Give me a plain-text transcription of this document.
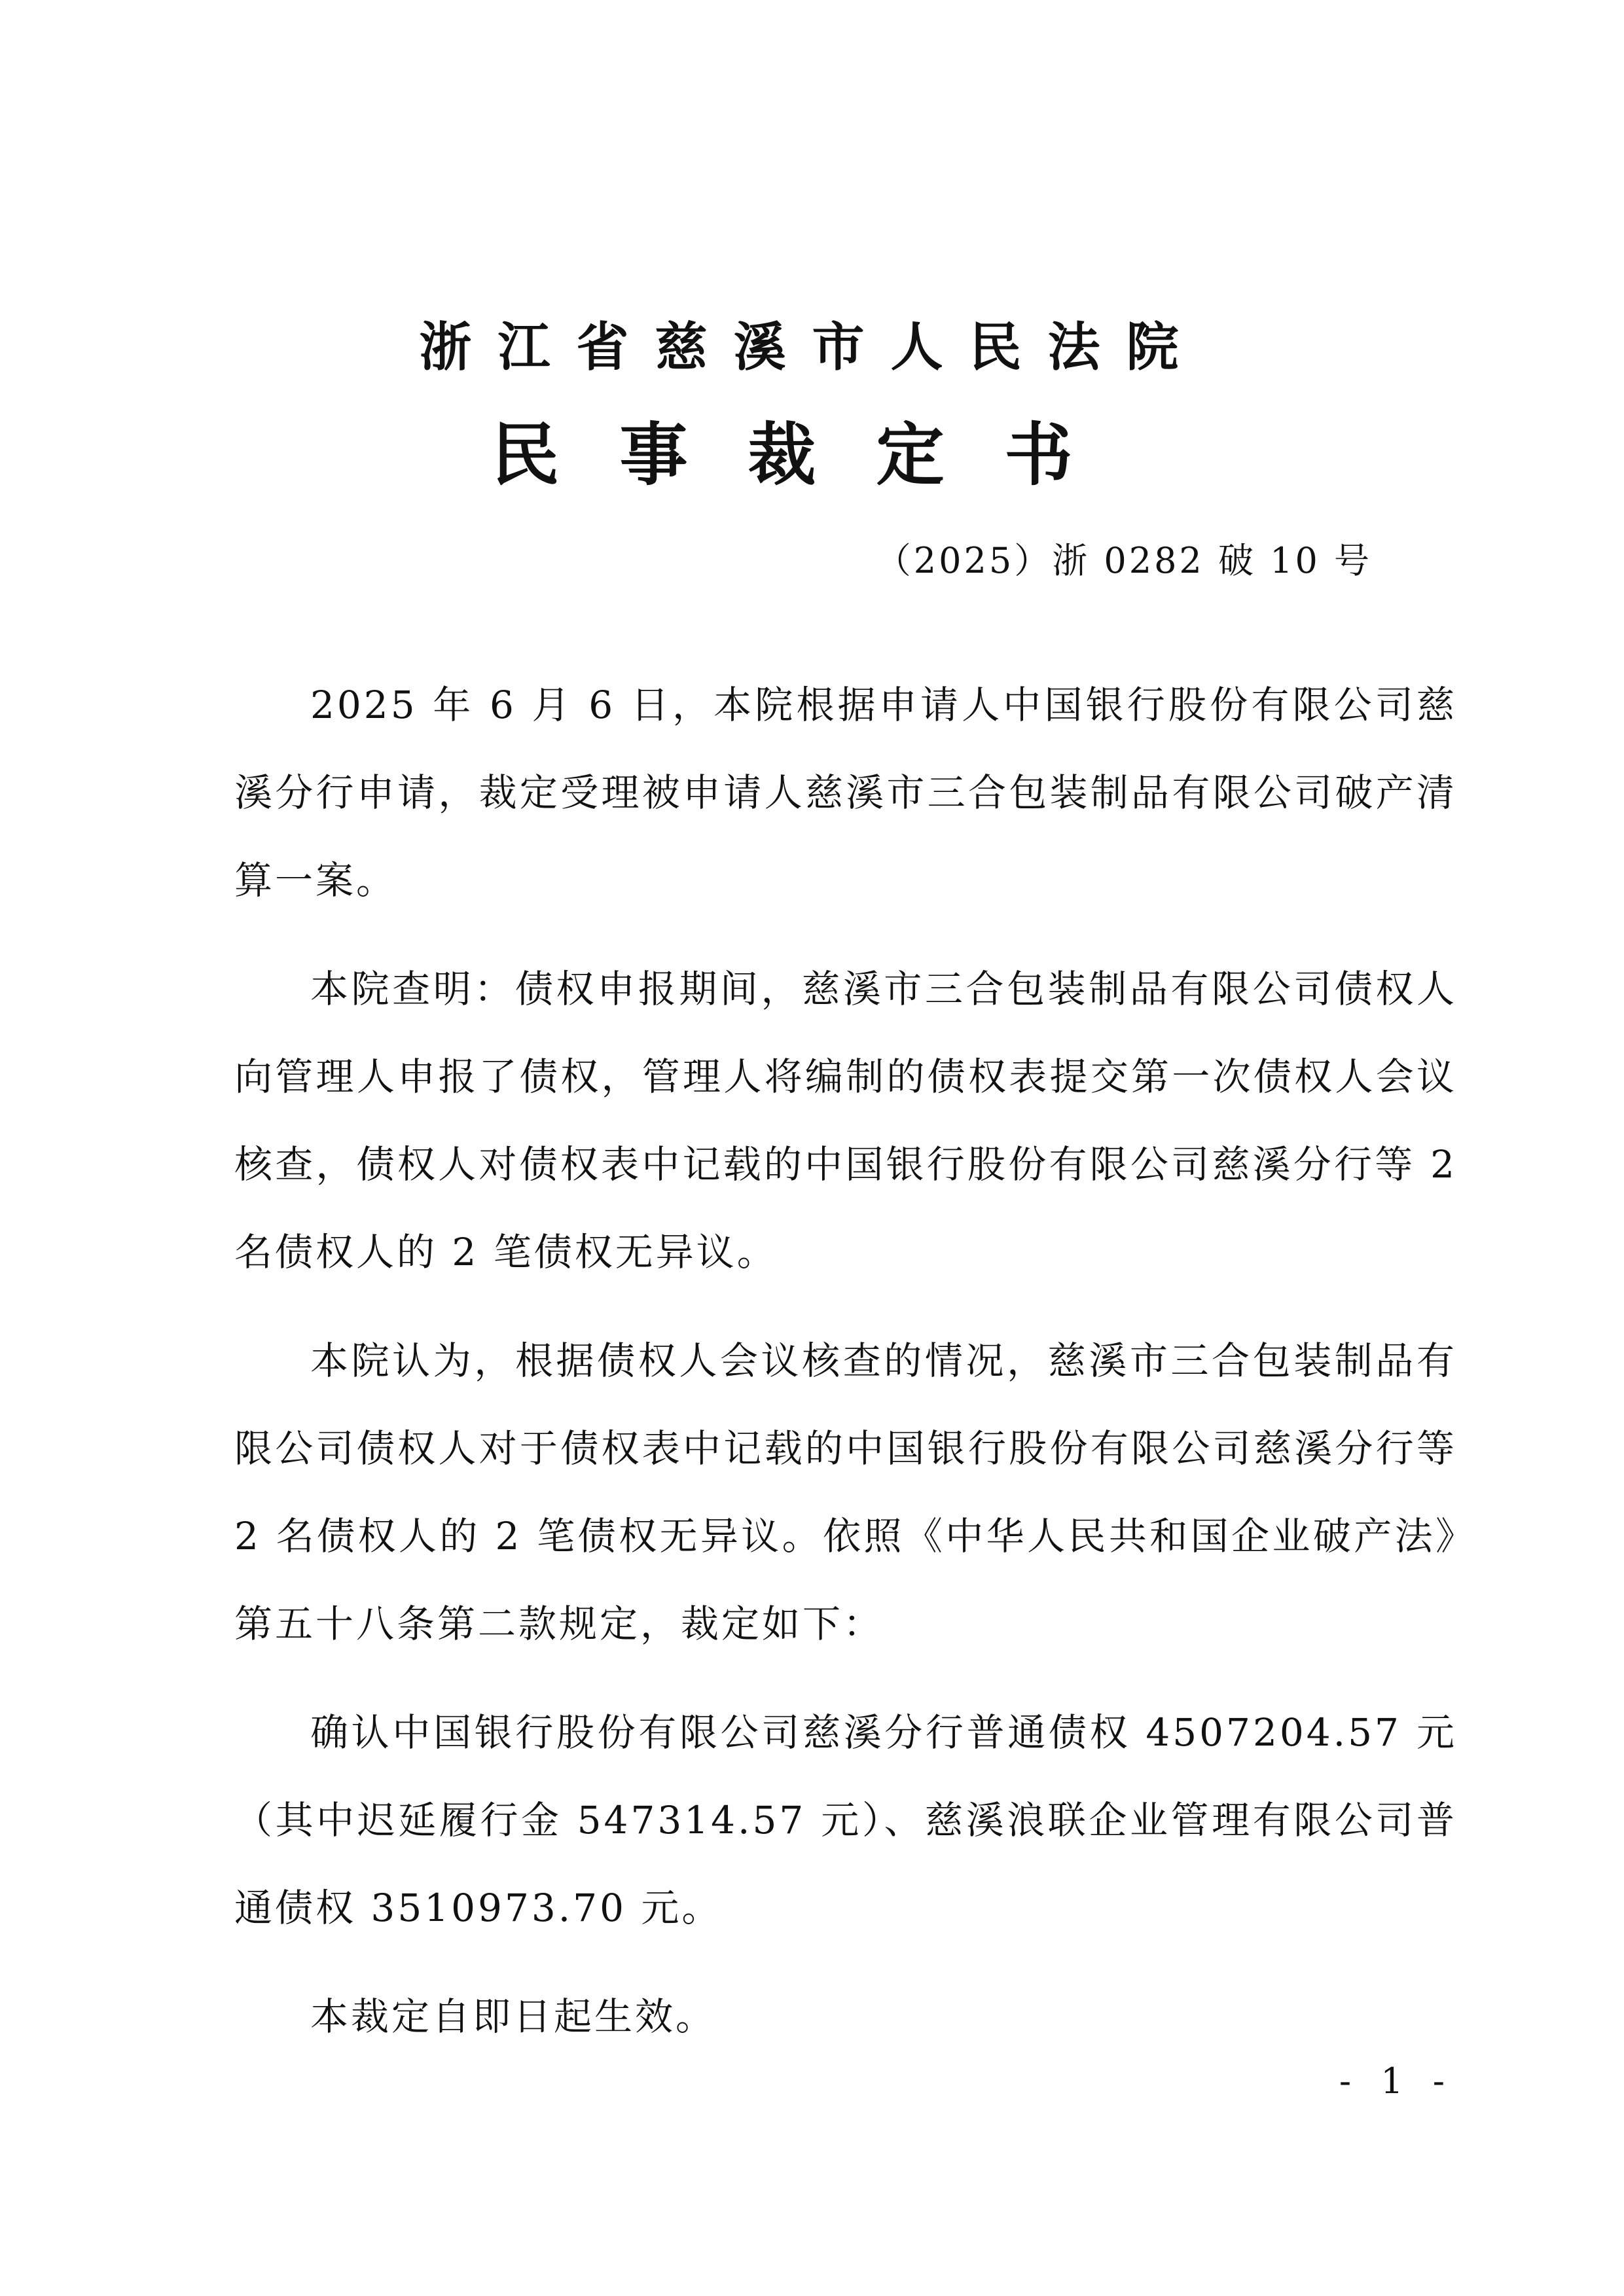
浙江省慈溪市人民法院
民事裁定书
（2025）浙 0282 破 10 号

2025 年 6 月 6 日，本院根据申请人中国银行股份有限公司慈溪分行申请，裁定受理被申请人慈溪市三合包装制品有限公司破产清算一案。

本院查明：债权申报期间，慈溪市三合包装制品有限公司债权人向管理人申报了债权，管理人将编制的债权表提交第一次债权人会议核查，债权人对债权表中记载的中国银行股份有限公司慈溪分行等 2 名债权人的 2 笔债权无异议。

本院认为，根据债权人会议核查的情况，慈溪市三合包装制品有限公司债权人对于债权表中记载的中国银行股份有限公司慈溪分行等 2 名债权人的 2 笔债权无异议。依照《中华人民共和国企业破产法》第五十八条第二款规定，裁定如下：

确认中国银行股份有限公司慈溪分行普通债权 4507204.57 元（其中迟延履行金 547314.57 元）、慈溪浪联企业管理有限公司普通债权 3510973.70 元。

本裁定自即日起生效。

- 1 -
